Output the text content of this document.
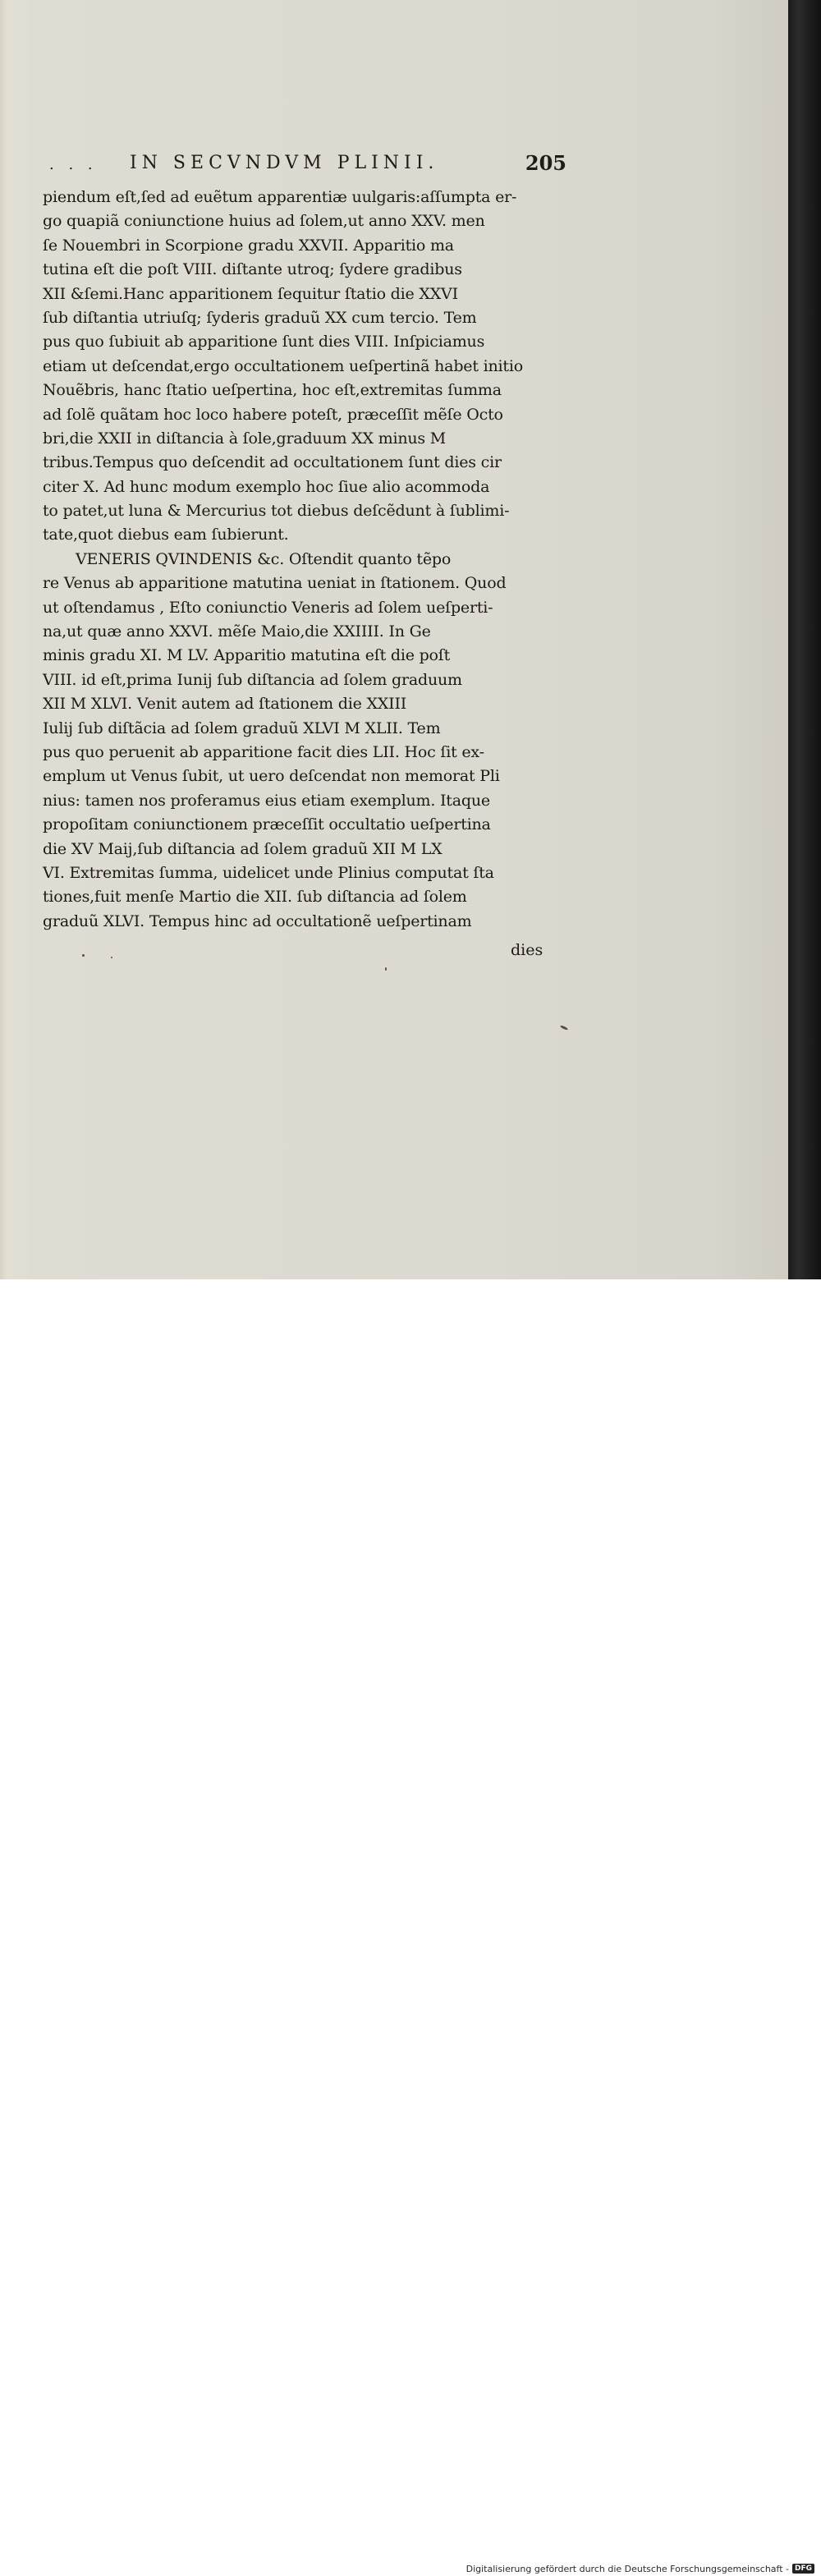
. . . IN SECVNDVM PLINII.	205
piendum eſt,ſed ad euẽtum apparentiæ uulgaris:aſſumpta er-
go quapiã coniunctione huius ad ſolem,ut anno XXV. men
ſe Nouembri in Scorpione gradu XXVII. Apparitio ma
tutina eſt die poſt VIII. diſtante utroq; ſydere gradibus
XII &ſemi.Hanc apparitionem ſequitur ſtatio die XXVI
ſub diſtantia utriuſq; ſyderis graduũ XX cum tercio. Tem
pus quo ſubiuit ab apparitione ſunt dies VIII. Inſpiciamus
etiam ut deſcendat,ergo occultationem ueſpertinã habet initio
Nouẽbris, hanc ſtatio ueſpertina, hoc eſt,extremitas ſumma
ad ſolẽ quãtam hoc loco habere poteſt, præceſſit mẽſe Octo
bri,die XXII in diſtancia à ſole,graduum XX minus M
tribus.Tempus quo deſcendit ad occultationem ſunt dies cir
citer X. Ad hunc modum exemplo hoc ſiue alio acommoda
to patet,ut luna & Mercurius tot diebus deſcẽdunt à ſublimi-
tate,quot diebus eam ſubierunt.
VENERIS QVINDENIS &c. Oſtendit quanto tẽpo
re Venus ab apparitione matutina ueniat in ſtationem. Quod
ut oſtendamus , Eſto coniunctio Veneris ad ſolem ueſperti-
na,ut quæ anno XXVI. mẽſe Maio,die XXIIII. In Ge
minis gradu XI. M LV. Apparitio matutina eſt die poſt
VIII. id eſt,prima Iunij ſub diſtancia ad ſolem graduum
XII M XLVI. Venit autem ad ſtationem die XXIII
Iulij ſub diſtãcia ad ſolem graduũ XLVI M XLII. Tem
pus quo peruenit ab apparitione facit dies LII. Hoc ſit ex-
emplum ut Venus ſubit, ut uero deſcendat non memorat Pli
nius: tamen nos proferamus eius etiam exemplum. Itaque
propoſitam coniunctionem præceſſit occultatio ueſpertina
die XV Maij,ſub diſtancia ad ſolem graduũ XII M LX
VI. Extremitas ſumma, uidelicet unde Plinius computat ſta
tiones,fuit menſe Martio die XII. ſub diſtancia ad ſolem
graduũ XLVI. Tempus hinc ad occultationẽ ueſpertinam
dies
Digitalisierung gefördert durch die Deutsche Forschungsgemeinschaft - DFG
